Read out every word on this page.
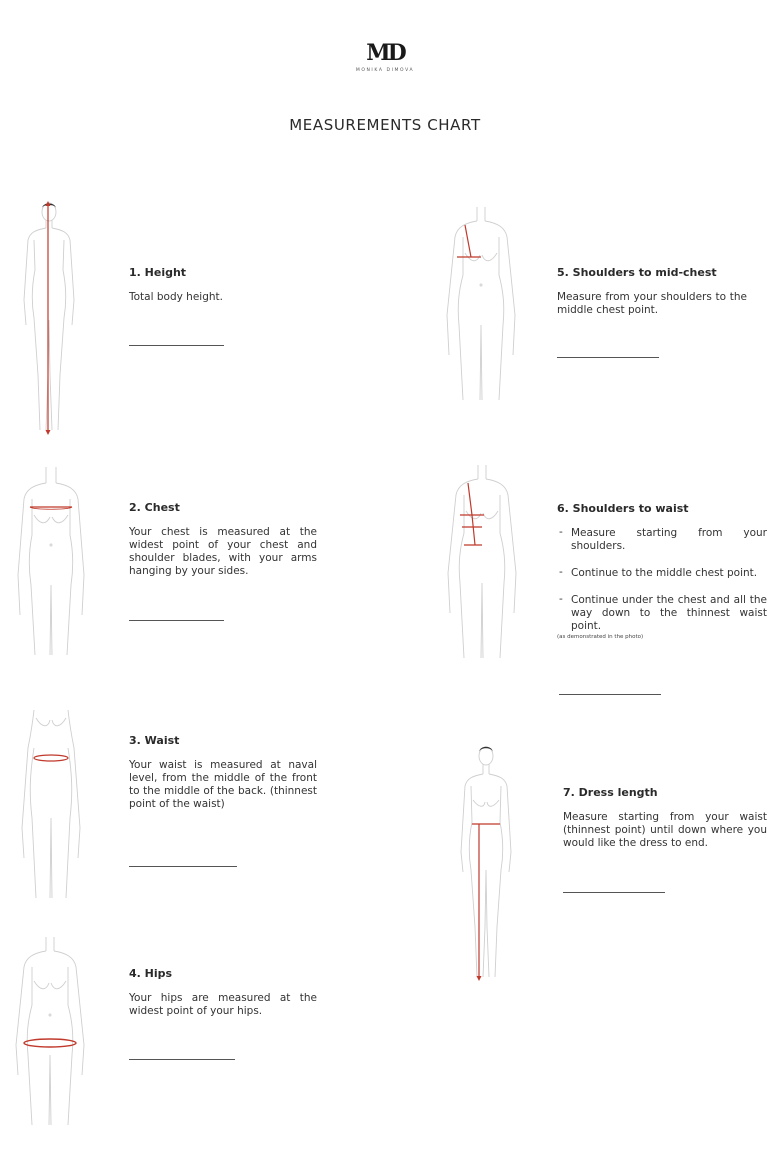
MD
MONIKA DIMOVA
MEASUREMENTS CHART
1. Height
Total body height.
2. Chest
Your chest is measured at the widest point of your chest and shoulder blades, with your arms hanging by your sides.
3. Waist
Your waist is measured at naval level, from the middle of the front to the middle of the back. (thinnest point of the waist)
4. Hips
Your hips are measured at the widest point of your hips.
5. Shoulders to mid-chest
Measure from your shoulders to the middle chest point.
6. Shoulders to waist
- Measure starting from your shoulders.
- Continue to the middle chest point.
- Continue under the chest and all the way down to the thinnest waist point.
(as demonstrated in the photo)
7. Dress length
Measure starting from your waist (thinnest point) until down where you would like the dress to end.
